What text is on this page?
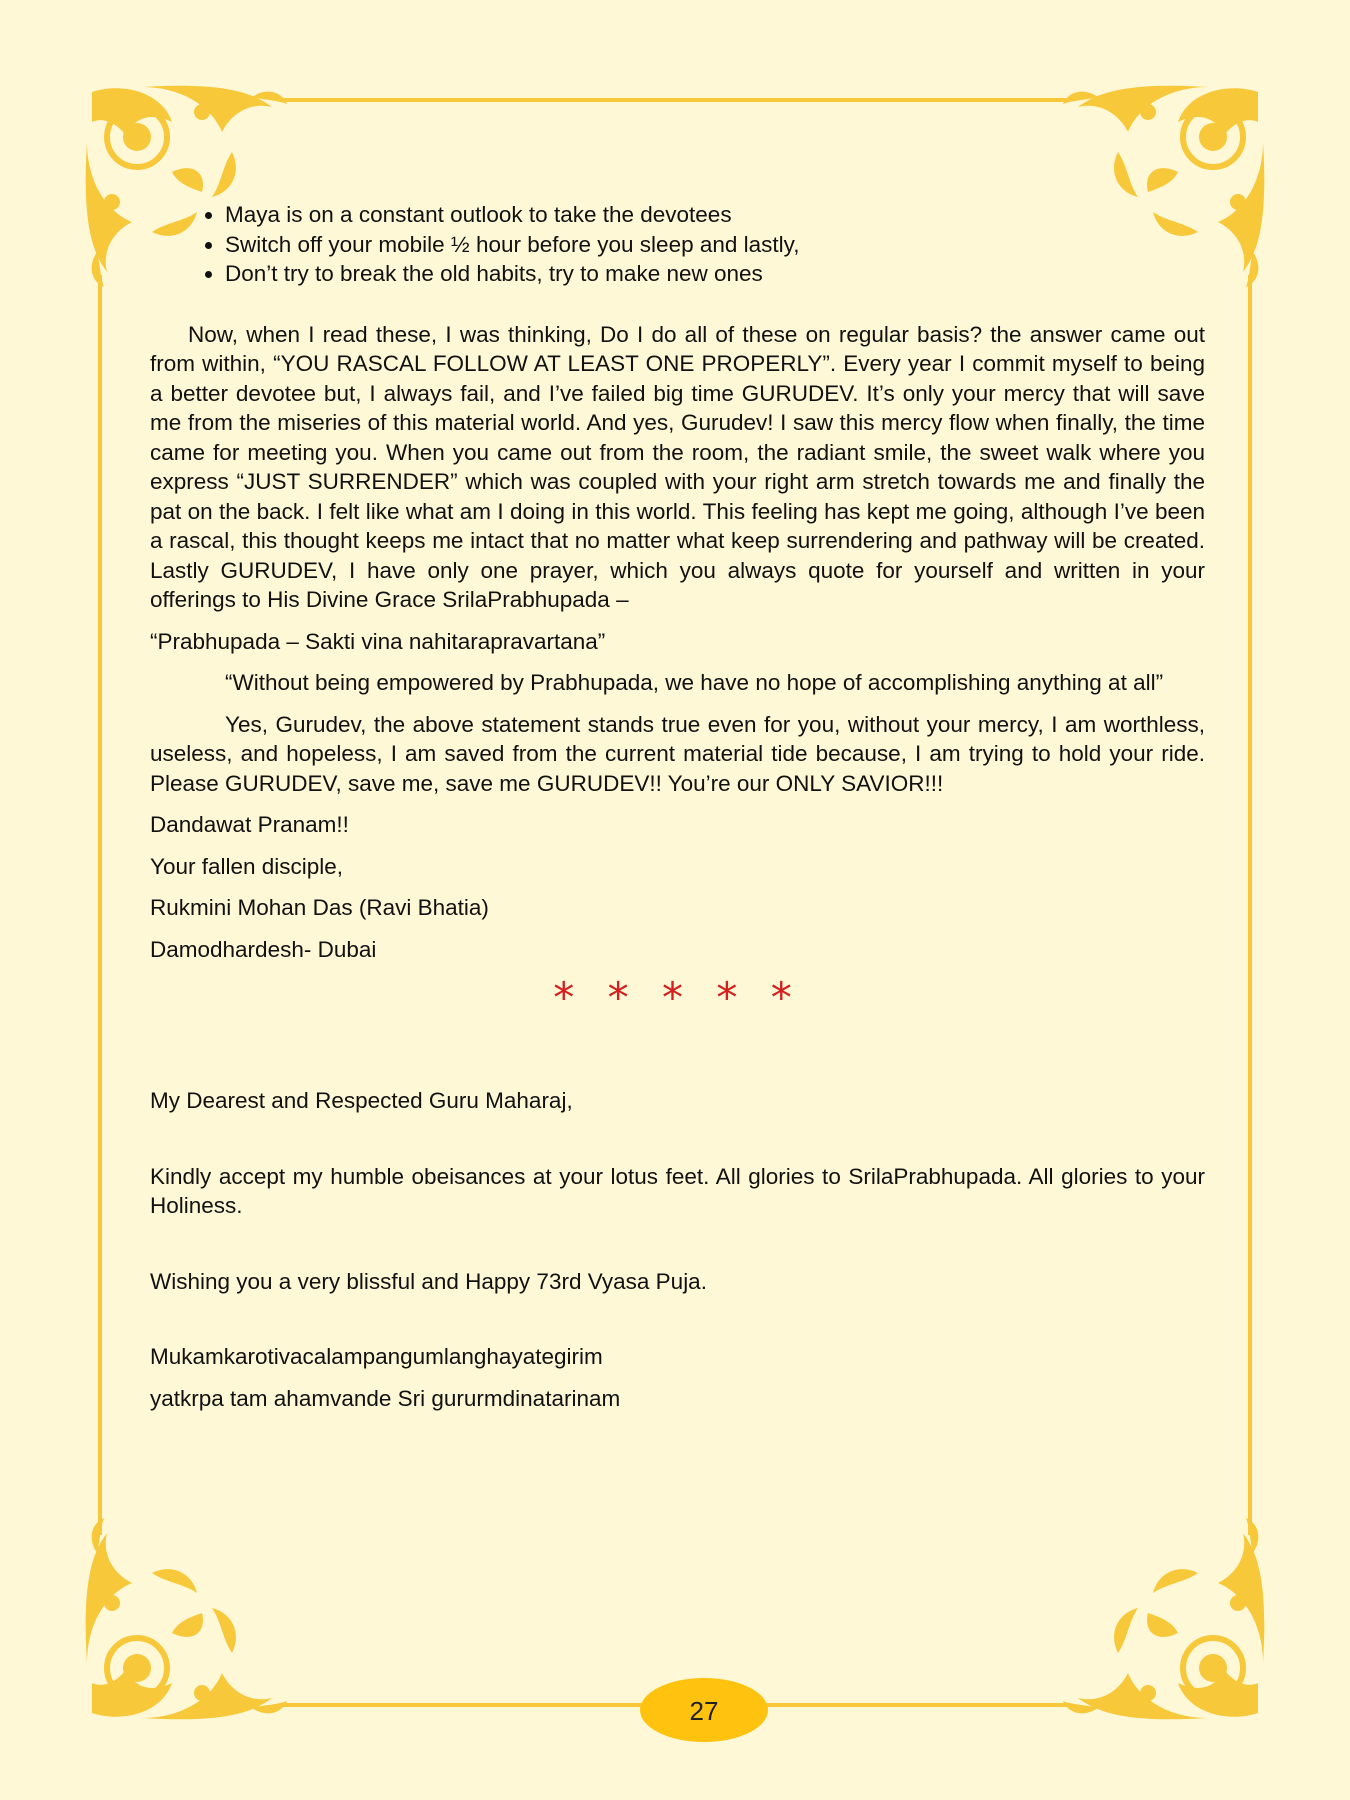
• Maya is on a constant outlook to take the devotees
• Switch off your mobile ½ hour before you sleep and lastly,
• Don’t try to break the old habits, try to make new ones

Now, when I read these, I was thinking, Do I do all of these on regular basis? the answer came out from within, “YOU RASCAL FOLLOW AT LEAST ONE PROPERLY”. Every year I commit myself to being a better devotee but, I always fail, and I’ve failed big time GURUDEV. It’s only your mercy that will save me from the miseries of this material world. And yes, Gurudev! I saw this mercy flow when finally, the time came for meeting you. When you came out from the room, the radiant smile, the sweet walk where you express “JUST SURRENDER” which was coupled with your right arm stretch towards me and finally the pat on the back. I felt like what am I doing in this world. This feeling has kept me going, although I’ve been a rascal, this thought keeps me intact that no matter what keep surrendering and pathway will be created. Lastly GURUDEV, I have only one prayer, which you always quote for yourself and written in your offerings to His Divine Grace SrilaPrabhupada –

“Prabhupada – Sakti vina nahitarapravartana”

“Without being empowered by Prabhupada, we have no hope of accomplishing anything at all”

Yes, Gurudev, the above statement stands true even for you, without your mercy, I am worthless, useless, and hopeless, I am saved from the current material tide because, I am trying to hold your ride. Please GURUDEV, save me, save me GURUDEV!! You’re our ONLY SAVIOR!!!

Dandawat Pranam!!

Your fallen disciple,

Rukmini Mohan Das (Ravi Bhatia)

Damodhardesh- Dubai

* * * * *

My Dearest and Respected Guru Maharaj,

Kindly accept my humble obeisances at your lotus feet. All glories to SrilaPrabhupada. All glories to your Holiness.

Wishing you a very blissful and Happy 73rd Vyasa Puja.

Mukamkarotivacalampangumlanghayategirim

yatkrpa tam ahamvande Sri gururmdinatarinam

27
